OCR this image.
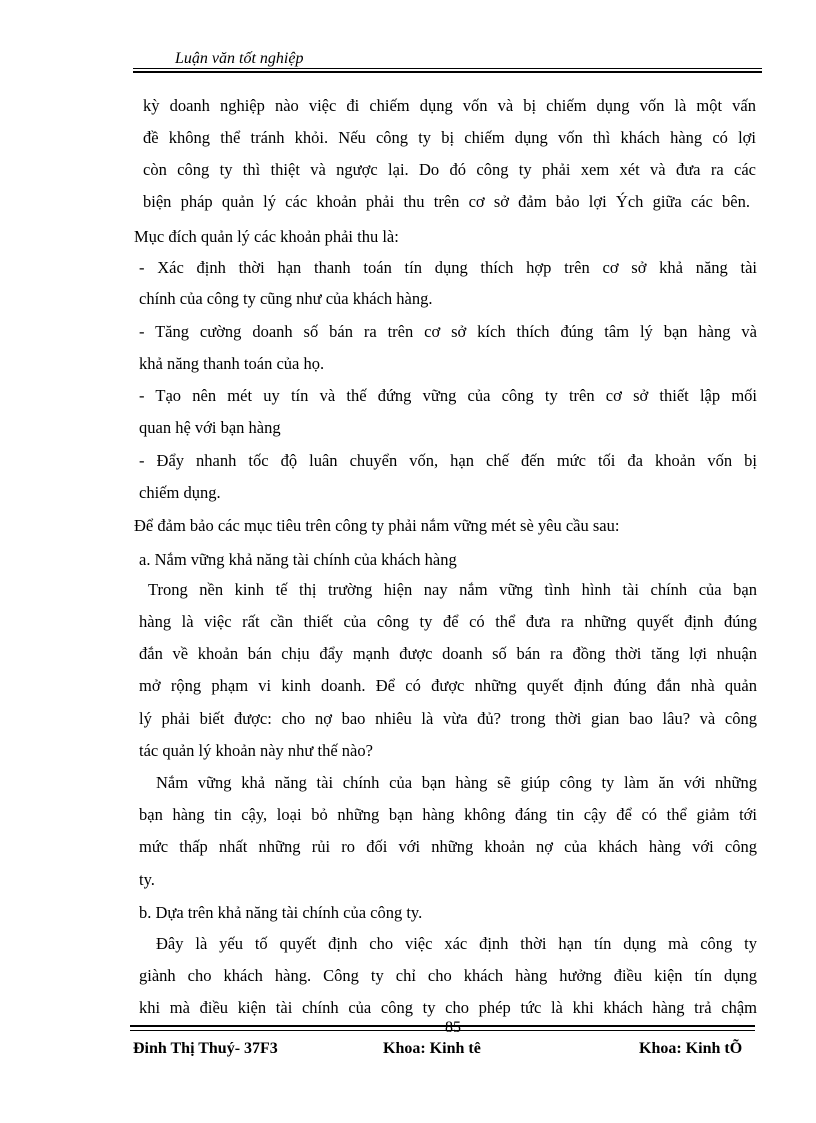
Luận văn tốt nghiệp
kỳ doanh nghiệp nào việc đi chiếm dụng vốn và bị chiếm dụng vốn là một vấn
đề không thể tránh khỏi. Nếu công ty bị chiếm dụng vốn thì khách hàng có lợi
còn công ty thì thiệt và ngược lại. Do đó công ty phải xem xét và đưa ra các
biện pháp quản lý các khoản phải thu trên cơ sở đảm bảo lợi Ých giữa các bên.
Mục đích quản lý các khoản phải thu là:
- Xác định thời hạn thanh toán tín dụng thích hợp trên cơ sở khả năng tài
chính của công ty cũng như của khách hàng.
- Tăng cường doanh số bán ra trên cơ sở kích thích đúng tâm lý bạn hàng và
khả năng thanh toán của họ.
- Tạo nên mét uy tín và thế đứng vững của công ty trên cơ sở thiết lập mối
quan hệ với bạn hàng
- Đẩy nhanh tốc độ luân chuyển vốn, hạn chế đến mức tối đa khoản vốn bị
chiếm dụng.
Để đảm bảo các mục tiêu trên công ty phải nắm vững mét sè yêu cầu sau:
a. Nắm vững khả năng tài chính của khách hàng
Trong nền kinh tế thị trường hiện nay nắm vững tình hình tài chính của bạn
hàng là việc rất cần thiết của công ty để có thể đưa ra những quyết định đúng
đắn về khoản bán chịu đẩy mạnh được doanh số bán ra đồng thời tăng lợi nhuận
mở rộng phạm vi kinh doanh. Để có được những quyết định đúng đắn nhà quản
lý phải biết được: cho nợ bao nhiêu là vừa đủ? trong thời gian bao lâu? và công
tác quản lý khoản này như thế nào?
Nắm vững khả năng tài chính của bạn hàng sẽ giúp công ty làm ăn với những
bạn hàng tin cậy, loại bỏ những bạn hàng không đáng tin cậy để có thể giảm tới
mức thấp nhất những rủi ro đối với những khoản nợ của khách hàng với công
ty.
b. Dựa trên khả năng tài chính của công ty.
Đây là yếu tố quyết định cho việc xác định thời hạn tín dụng mà công ty
giành cho khách hàng. Công ty chỉ cho khách hàng hưởng điều kiện tín dụng
khi mà điều kiện tài chính của công ty cho phép tức là khi khách hàng trả chậm
85
Đinh Thị Thuý- 37F3	Khoa: Kinh tê	Khoa: Kinh tÕ
